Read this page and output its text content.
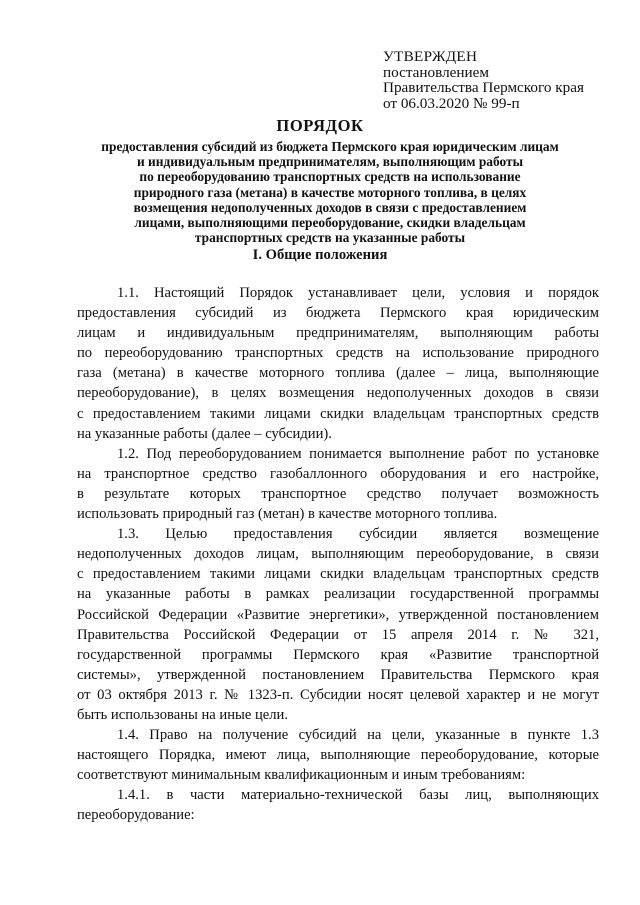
УТВЕРЖДЕН
постановлением
Правительства Пермского края
от 06.03.2020 № 99-п
ПОРЯДОК
предоставления субсидий из бюджета Пермского края юридическим лицам
и индивидуальным предпринимателям, выполняющим работы
по переоборудованию транспортных средств на использование
природного газа (метана) в качестве моторного топлива, в целях
возмещения недополученных доходов в связи с предоставлением
лицами, выполняющими переоборудование, скидки владельцам
транспортных средств на указанные работы
I. Общие положения
1.1. Настоящий Порядок устанавливает цели, условия и порядок
предоставления субсидий из бюджета Пермского края юридическим
лицам и индивидуальным предпринимателям, выполняющим работы
по переоборудованию транспортных средств на использование природного
газа (метана) в качестве моторного топлива (далее – лица, выполняющие
переоборудование), в целях возмещения недополученных доходов в связи
с предоставлением такими лицами скидки владельцам транспортных средств
на указанные работы (далее – субсидии).
1.2. Под переоборудованием понимается выполнение работ по установке
на транспортное средство газобаллонного оборудования и его настройке,
в результате которых транспортное средство получает возможность
использовать природный газ (метан) в качестве моторного топлива.
1.3. Целью предоставления субсидии является возмещение
недополученных доходов лицам, выполняющим переоборудование, в связи
с предоставлением такими лицами скидки владельцам транспортных средств
на указанные работы в рамках реализации государственной программы
Российской Федерации «Развитие энергетики», утвержденной постановлением
Правительства Российской Федерации от 15 апреля 2014 г. № 321,
государственной программы Пермского края «Развитие транспортной
системы», утвержденной постановлением Правительства Пермского края
от 03 октября 2013 г. № 1323-п. Субсидии носят целевой характер и не могут
быть использованы на иные цели.
1.4. Право на получение субсидий на цели, указанные в пункте 1.3
настоящего Порядка, имеют лица, выполняющие переоборудование, которые
соответствуют минимальным квалификационным и иным требованиям:
1.4.1. в части материально-технической базы лиц, выполняющих
переоборудование:
